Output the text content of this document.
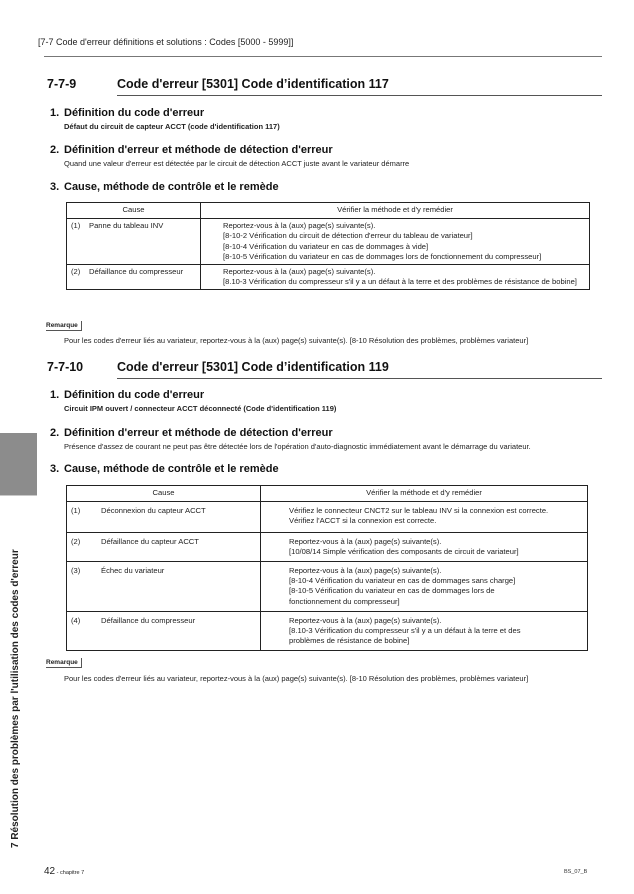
[7-7 Code d'erreur définitions et solutions : Codes [5000 - 5999]]
7-7-9	Code d'erreur [5301] Code d’identification 117
1. Définition du code d'erreur
Défaut du circuit de capteur ACCT (code d'identification 117)
2. Définition d'erreur et méthode de détection d'erreur
Quand une valeur d'erreur est détectée par le circuit de détection ACCT juste avant le variateur démarre
3. Cause, méthode de contrôle et le remède
Cause	Vérifier la méthode et d'y remédier
(1) Panne du tableau INV	Reportez-vous à la (aux) page(s) suivante(s).
[8-10-2 Vérification du circuit de détection d'erreur du tableau de variateur]
[8-10-4 Vérification du variateur en cas de dommages à vide]
[8-10-5 Vérification du variateur en cas de dommages lors de fonctionnement du compresseur]

(2) Défaillance du compresseur	Reportez-vous à la (aux) page(s) suivante(s).
[8.10-3 Vérification du compresseur s'il y a un défaut à la terre et des problèmes de résistance de bobine]
Remarque
Pour les codes d'erreur liés au variateur, reportez-vous à la (aux) page(s) suivante(s). [8-10 Résolution des problèmes, problèmes variateur]
7-7-10	Code d'erreur [5301] Code d’identification 119
1. Définition du code d'erreur
Circuit IPM ouvert / connecteur ACCT déconnecté (Code d'identification 119)
2. Définition d'erreur et méthode de détection d'erreur
Présence d'assez de courant ne peut pas être détectée lors de l'opération d'auto-diagnostic immédiatement avant le démarrage du variateur.
3. Cause, méthode de contrôle et le remède
Cause	Vérifier la méthode et d'y remédier
(1) Déconnexion du capteur ACCT	Vérifiez le connecteur CNCT2 sur le tableau INV si la connexion est correcte. Vérifiez l'ACCT si la connexion est correcte.

(2) Défaillance du capteur ACCT	Reportez-vous à la (aux) page(s) suivante(s).
[10/08/14 Simple vérification des composants de circuit de variateur]

(3) Échec du variateur	Reportez-vous à la (aux) page(s) suivante(s).
[8-10-4 Vérification du variateur en cas de dommages sans charge]
[8-10-5 Vérification du variateur en cas de dommages lors de fonctionnement du compresseur]

(4) Défaillance du compresseur	Reportez-vous à la (aux) page(s) suivante(s).
[8.10-3 Vérification du compresseur s'il y a un défaut à la terre et des problèmes de résistance de bobine]
Remarque
Pour les codes d'erreur liés au variateur, reportez-vous à la (aux) page(s) suivante(s). [8-10 Résolution des problèmes, problèmes variateur]
7 Résolution des problèmes par l'utilisation des codes d'erreur
42 - chapitre 7	BS_07_B
